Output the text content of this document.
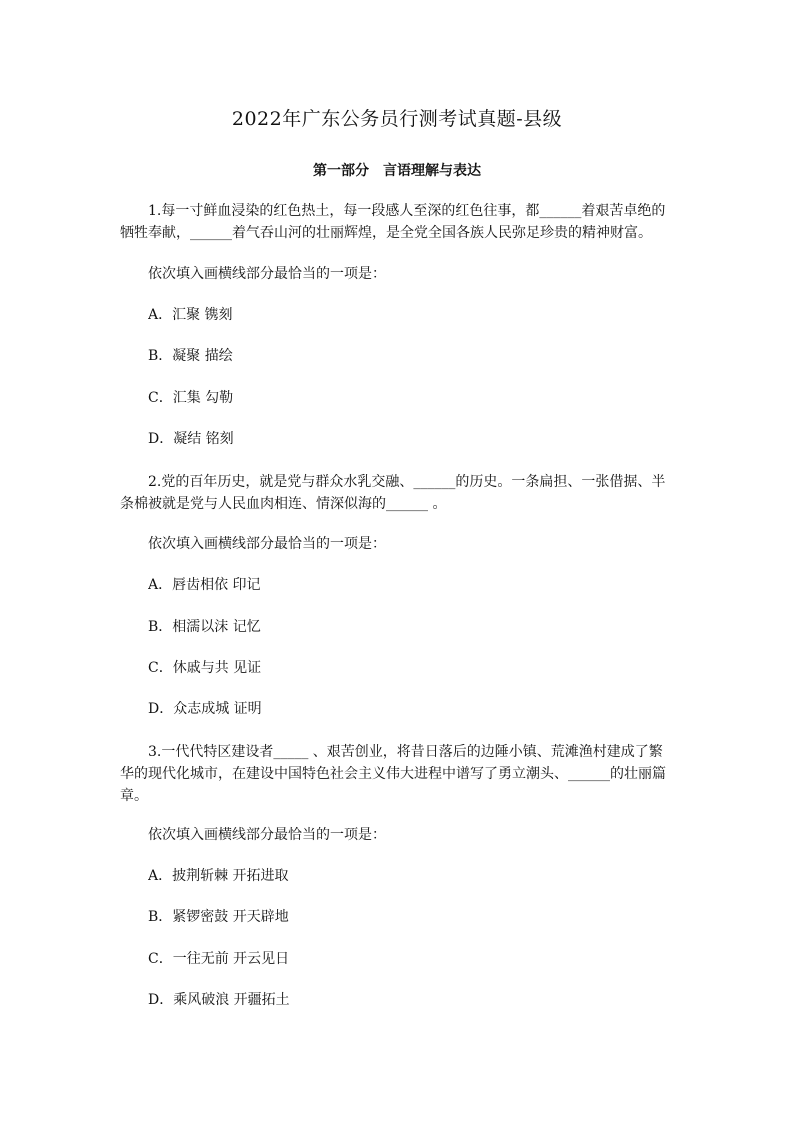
2022年广东公务员行测考试真题-县级
第一部分　言语理解与表达
1.每一寸鲜血浸染的红色热土，每一段感人至深的红色往事，都______着艰苦卓绝的
牺牲奉献，______着气吞山河的壮丽辉煌，是全党全国各族人民弥足珍贵的精神财富。
依次填入画横线部分最恰当的一项是：
A．汇聚 镌刻
B．凝聚 描绘
C．汇集 勾勒
D．凝结 铭刻
2.党的百年历史，就是党与群众水乳交融、______的历史。一条扁担、一张借据、半
条棉被就是党与人民血肉相连、情深似海的______ 。
依次填入画横线部分最恰当的一项是：
A．唇齿相依 印记
B．相濡以沫 记忆
C．休戚与共 见证
D．众志成城 证明
3.一代代特区建设者_____ 、艰苦创业，将昔日落后的边陲小镇、荒滩渔村建成了繁
华的现代化城市，在建设中国特色社会主义伟大进程中谱写了勇立潮头、______的壮丽篇
章。
依次填入画横线部分最恰当的一项是：
A．披荆斩棘 开拓进取
B．紧锣密鼓 开天辟地
C．一往无前 开云见日
D．乘风破浪 开疆拓土
